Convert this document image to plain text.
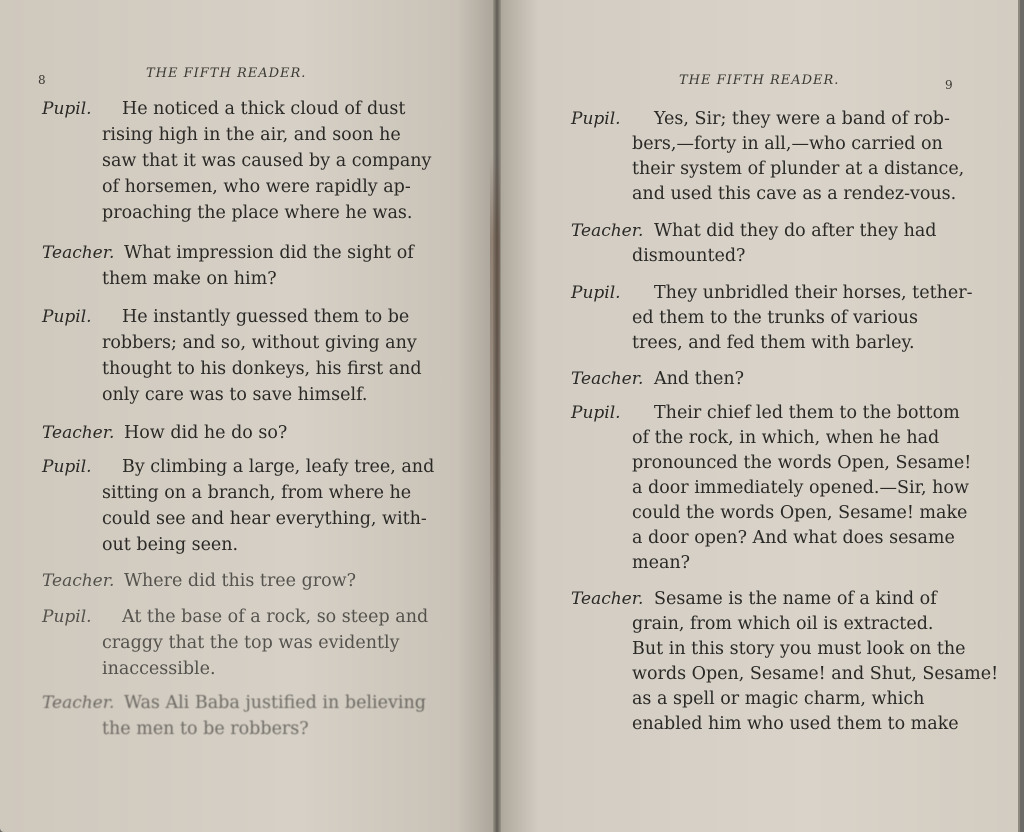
8	THE FIFTH READER.
Pupil. He noticed a thick cloud of dust
rising high in the air, and soon he
saw that it was caused by a company
of horsemen, who were rapidly ap-
proaching the place where he was.
Teacher. What impression did the sight of
them make on him?
Pupil. He instantly guessed them to be
robbers; and so, without giving any
thought to his donkeys, his first and
only care was to save himself.
Teacher. How did he do so?
Pupil. By climbing a large, leafy tree, and
sitting on a branch, from where he
could see and hear everything, with-
out being seen.
Teacher. Where did this tree grow?
Pupil. At the base of a rock, so steep and
craggy that the top was evidently
inaccessible.
Teacher. Was Ali Baba justified in believing
the men to be robbers?
THE FIFTH READER.	9
Pupil. Yes, Sir; they were a band of rob-
bers,—forty in all,—who carried on
their system of plunder at a distance,
and used this cave as a rendez-vous.
Teacher. What did they do after they had
dismounted?
Pupil. They unbridled their horses, tether-
ed them to the trunks of various
trees, and fed them with barley.
Teacher. And then?
Pupil. Their chief led them to the bottom
of the rock, in which, when he had
pronounced the words Open, Sesame!
a door immediately opened.—Sir, how
could the words Open, Sesame! make
a door open? And what does sesame
mean?
Teacher. Sesame is the name of a kind of
grain, from which oil is extracted.
But in this story you must look on the
words Open, Sesame! and Shut, Sesame!
as a spell or magic charm, which
enabled him who used them to make
